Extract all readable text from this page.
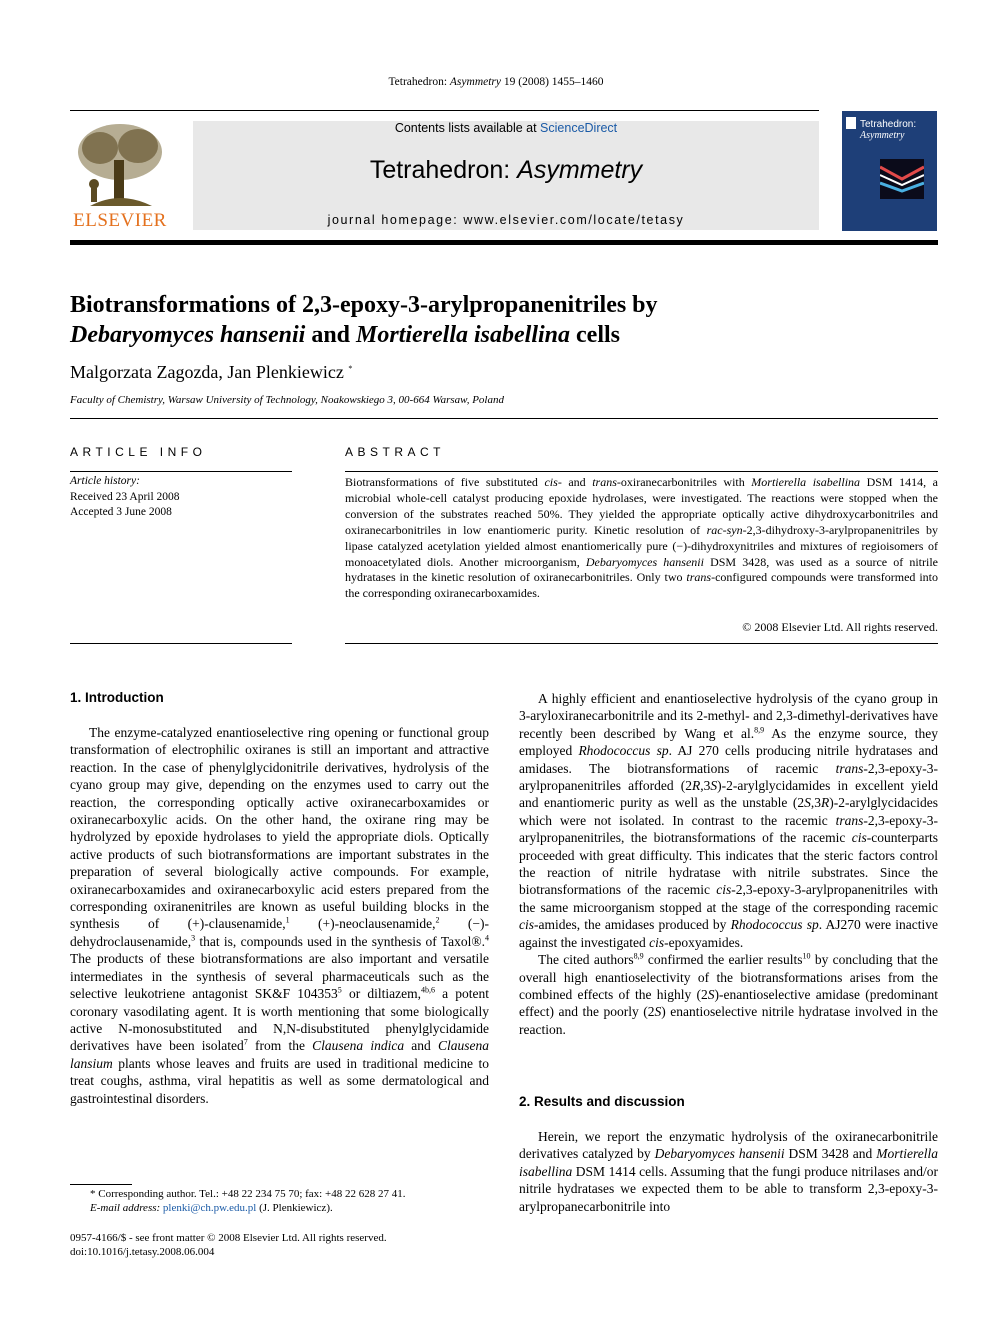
Tetrahedron: Asymmetry 19 (2008) 1455–1460
ELSEVIER
Contents lists available at ScienceDirect
Tetrahedron: Asymmetry
journal homepage: www.elsevier.com/locate/tetasy
Tetrahedron:
Asymmetry
Biotransformations of 2,3-epoxy-3-arylpropanenitriles by
Debaryomyces hansenii and Mortierella isabellina cells
Malgorzata Zagozda, Jan Plenkiewicz *
Faculty of Chemistry, Warsaw University of Technology, Noakowskiego 3, 00-664 Warsaw, Poland
ARTICLE INFO
Article history:
Received 23 April 2008
Accepted 3 June 2008
ABSTRACT
Biotransformations of five substituted cis- and trans-oxiranecarbonitriles with Mortierella isabellina DSM 1414, a microbial whole-cell catalyst producing epoxide hydrolases, were investigated. The reactions were stopped when the conversion of the substrates reached 50%. They yielded the appropriate optically active dihydroxycarbonitriles and oxiranecarbonitriles in low enantiomeric purity. Kinetic resolution of rac-syn-2,3-dihydroxy-3-arylpropanenitriles by lipase catalyzed acetylation yielded almost enantiomerically pure (−)-dihydroxynitriles and mixtures of regioisomers of monoacetylated diols. Another microorganism, Debaryomyces hansenii DSM 3428, was used as a source of nitrile hydratases in the kinetic resolution of oxiranecarbonitriles. Only two trans-configured compounds were transformed into the corresponding oxiranecarboxamides.
© 2008 Elsevier Ltd. All rights reserved.
1. Introduction

The enzyme-catalyzed enantioselective ring opening or functional group transformation of electrophilic oxiranes is still an important and attractive reaction. In the case of phenylglycidonitrile derivatives, hydrolysis of the cyano group may give, depending on the enzymes used to carry out the reaction, the corresponding optically active oxiranecarboxamides or oxiranecarboxylic acids. On the other hand, the oxirane ring may be hydrolyzed by epoxide hydrolases to yield the appropriate diols. Optically active products of such biotransformations are important substrates in the preparation of several biologically active compounds. For example, oxiranecarboxamides and oxiranecarboxylic acid esters prepared from the corresponding oxiranenitriles are known as useful building blocks in the synthesis of (+)-clausenamide,$^1$ (+)-neoclausenamide,$^2$ (−)-dehydroclausenamide,$^3$ that is, compounds used in the synthesis of Taxol®.$^4$ The products of these biotransformations are also important and versatile intermediates in the synthesis of several pharmaceuticals such as the selective leukotriene antagonist SK&F 104353$^5$ or diltiazem,$^{4b,6}$ a potent coronary vasodilating agent. It is worth mentioning that some biologically active N-monosubstituted and N,N-disubstituted phenylglycidamide derivatives have been isolated$^7$ from the Clausena indica and Clausena lansium plants whose leaves and fruits are used in traditional medicine to treat coughs, asthma, viral hepatitis as well as some dermatological and gastrointestinal disorders.

A highly efficient and enantioselective hydrolysis of the cyano group in 3-aryloxiranecarbonitrile and its 2-methyl- and 2,3-dimethyl-derivatives have recently been described by Wang et al.$^{8,9}$ As the enzyme source, they employed Rhodococcus sp. AJ 270 cells producing nitrile hydratases and amidases. The biotransformations of racemic trans-2,3-epoxy-3-arylpropanenitriles afforded (2R,3S)-2-arylglycidamides in excellent yield and enantiomeric purity as well as the unstable (2S,3R)-2-arylglycidacides which were not isolated. In contrast to the racemic trans-2,3-epoxy-3-arylpropanenitriles, the biotransformations of the racemic cis-counterparts proceeded with great difficulty. This indicates that the steric factors control the reaction of nitrile hydratase with nitrile substrates. Since the biotransformations of the racemic cis-2,3-epoxy-3-arylpropanenitriles with the same microorganism stopped at the stage of the corresponding racemic cis-amides, the amidases produced by Rhodococcus sp. AJ270 were inactive against the investigated cis-epoxyamides.

The cited authors$^{8,9}$ confirmed the earlier results$^{10}$ by concluding that the overall high enantioselectivity of the biotransformations arises from the combined effects of the highly (2S)-enantioselective amidase (predominant effect) and the poorly (2S) enantioselective nitrile hydratase involved in the reaction.

2. Results and discussion

Herein, we report the enzymatic hydrolysis of the oxiranecarbonitrile derivatives catalyzed by Debaryomyces hansenii DSM 3428 and Mortierella isabellina DSM 1414 cells. Assuming that the fungi produce nitrilases and/or nitrile hydratases we expected them to be able to transform 2,3-epoxy-3-arylpropanecarbonitrile into

* Corresponding author. Tel.: +48 22 234 75 70; fax: +48 22 628 27 41.
E-mail address: plenki@ch.pw.edu.pl (J. Plenkiewicz).
0957-4166/$ - see front matter © 2008 Elsevier Ltd. All rights reserved.
doi:10.1016/j.tetasy.2008.06.004
